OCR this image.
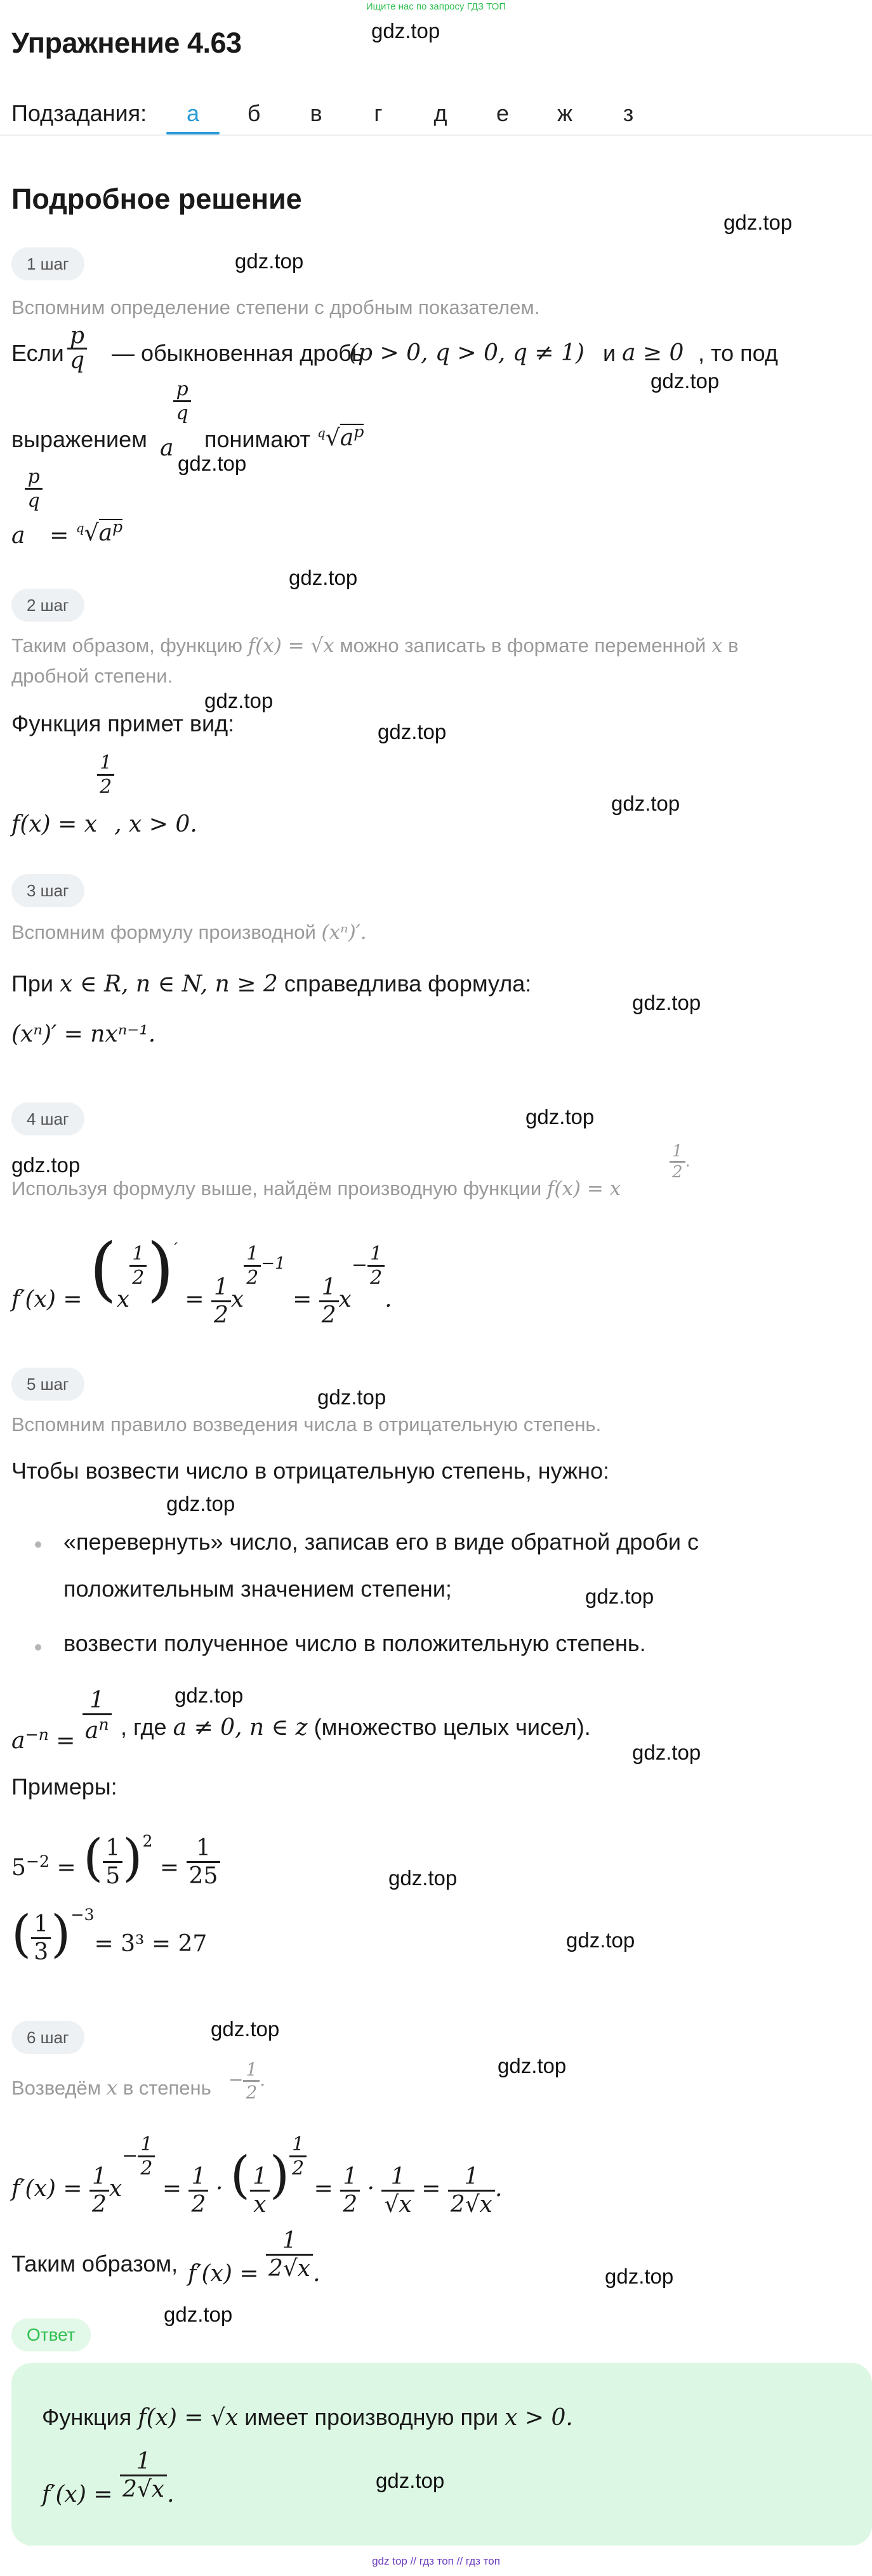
Ищите нас по запросу ГДЗ ТОП
Упражнение 4.63	gdz.top
Подзадания:	а	б	в	г	д	е	ж	з
Подробное решение
gdz.top
1 шаг	gdz.top
Вспомним определение степени с дробным показателем.
Если $\frac{p}{q}$ — обыкновенная дробь
(p > 0, q > 0, q ≠ 1) и a ≥ 0 , то под
gdz.top
выражением a
$\frac{p}{q}$
понимают $^q√a^p$
gdz.top
a
$\frac{p}{q}$
= $^q√a^p$
gdz.top
2 шаг
Таким образом, функцию f(x) = √x можно записать в формате переменной x в
дробной степени.
gdz.top
Функция примет вид:	gdz.top
f(x) = x
$\frac{1}{2}$
, x > 0.
gdz.top
3 шаг
Вспомним формулу производной (xⁿ)′.
При x ∈ R, n ∈ N, n ≥ 2 справедлива формула:
gdz.top
(xⁿ)′ = nxⁿ⁻¹.
gdz.top
4 шаг
gdz.top
Используя формулу выше, найдём производную функции f(x) = x
$\frac{1}{2}$ .
f′(x) = (x
$\frac{1}{2} )' = \frac{1}{2}$ x
$\frac{1}{2} ^{-1} = \frac{1}{2} x- \frac{1}{2}$
.
5 шаг
gdz.top
Вспомним правило возведения числа в отрицательную степень.
Чтобы возвести число в отрицательную степень, нужно:
gdz.top
«перевернуть» число, записав его в виде обратной дроби с
положительным значением степени;	gdz.top
возвести полученное число в положительную степень.
gdz.top
$a^{-n} = \frac{1}{a^n}$ , где a ≠ 0, n ∈ z (множество целых чисел).
gdz.top
Примеры:
$5^{-2}$ = ( $\frac{1}{5} )^2 = \frac{1}{25}$	gdz.top
( $\frac{1}{3} )^{-3}= 3^3 = 27$	gdz.top
gdz.top
6 шаг
gdz.top
Возведём x в степень − $\frac{1}{2}$ .
$f'(x) = \frac{1}{2} x- \frac{1}{2}$
= $\frac{1}{2}$ · ( $\frac{1}{x}$ ) $\frac{1}{2}$
= $\frac{1}{2} \cdot \frac{1}{√x} = \frac{1}{2√x}$ .
Таким образом, $f'(x) = \frac{1}{2√x}$ .	gdz.top
gdz.top
Ответ
Функция f(x) = √x имеет производную при x > 0.
$f'(x) = \frac{1}{2√x}$ .
gdz.top
gdz top // гдз топ // гдз топ
